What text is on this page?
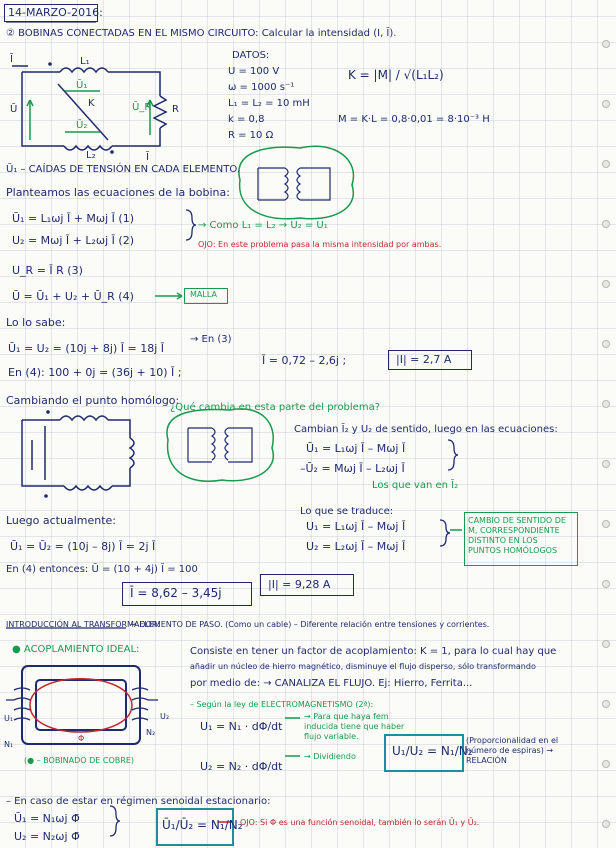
14-MARZO-2016:
② BOBINAS CONECTADAS EN EL MISMO CIRCUITO: Calcular la intensidad (I, Ī).
Ī	L₁
Ū
Ū₁
Ū₂
Ū_R R
K
L₂	Ī
DATOS:
U = 100 V
ω = 1000 s⁻¹
L₁ = L₂ = 10 mH
k = 0,8
R = 10 Ω
K = |M| / √(L₁L₂)
M = K·L = 0,8·0,01 = 8·10⁻³ H
Ū₁ – CAÍDAS DE TENSIÓN EN CADA ELEMENTO.
Planteamos las ecuaciones de la bobina:
Ū₁ = L₁ωj Ī + Mωj Ī (1)
U₂ = Mωj Ī + L₂ωj Ī (2)
→ Como L₁ = L₂ → U₂ = U₁
OJO: En este problema pasa la misma intensidad por ambas.
U_R = Ī R (3)
Ū = Ū₁ + U₂ + Ū_R (4)	MALLA
Lo lo sabe:
Ū₁ = U₂ = (10j + 8j) Ī = 18j Ī
→ En (3)
En (4): 100 + 0j = (36j + 10) Ī ;
Ī = 0,72 – 2,6j ;	|I| = 2,7 A
Cambiando el punto homólogo:
¿Qué cambia en esta parte del problema?
Cambian Ī₂ y U₂ de sentido, luego en las ecuaciones:
Ū₁ = L₁ωj Ī – Mωj Ī
–Ū₂ = Mωj Ī – L₂ωj Ī
Los que van en Ī₂
Lo que se traduce:
U₁ = L₁ωj Ī – Mωj Ī
U₂ = L₂ωj Ī – Mωj Ī
CAMBIO DE SENTIDO DE M, CORRESPONDIENTE DISTINTO EN LOS PUNTOS HOMÓLOGOS
Luego actualmente:
Ū₁ = Ū₂ = (10j – 8j) Ī = 2j Ī
En (4) entonces: Ū = (10 + 4j) Ī = 100
Ī = 8,62 – 3,45j
|I| = 9,28 A
INTRODUCCIÓN AL TRANSFORMADOR:
→ ELEMENTO DE PASO. (Como un cable) – Diferente relación entre tensiones y corrientes.
● ACOPLAMIENTO IDEAL:	Consiste en tener un factor de acoplamiento: K = 1, para lo cual hay que
añadir un núcleo de hierro magnético, disminuye el flujo disperso, sólo transformando
por medio de: → CANALIZA EL FLUJO. Ej: Hierro, Ferrita...
– Según la ley de ELECTROMAGNETISMO (2ª):
U₁ = N₁ · dΦ/dt
U₂ = N₂ · dΦ/dt
→ Para que haya fem inducida tiene que haber flujo variable.
→ Dividiendo	U₁/U₂ = N₁/N₂
(Proporcionalidad en el número de espiras) → RELACIÓN
(● – BOBINADO DE COBRE)
N₁
N₂
U₁	U₂
Φ
– En caso de estar en régimen senoidal estacionario:
Ū₁ = N₁ωj Φ̄
U₂ = N₂ωj Φ̄
Ū₁/Ū₂ = N₁/N₂
OJO: Si Φ es una función senoidal, también lo serán Ū₁ y Ū₂.
